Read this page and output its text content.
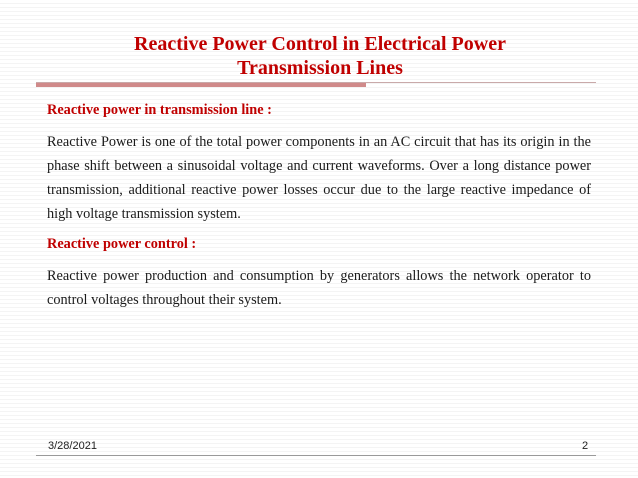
Reactive Power Control in Electrical Power
Transmission Lines

Reactive power in transmission line :

Reactive Power is one of the total power components in an AC circuit that has its origin in the phase shift between a sinusoidal voltage and current waveforms. Over a long distance power transmission, additional reactive power losses occur due to the large reactive impedance of high voltage transmission system.

Reactive power control :

Reactive power production and consumption by generators allows the network operator to control voltages throughout their system.

3/28/2021	2
